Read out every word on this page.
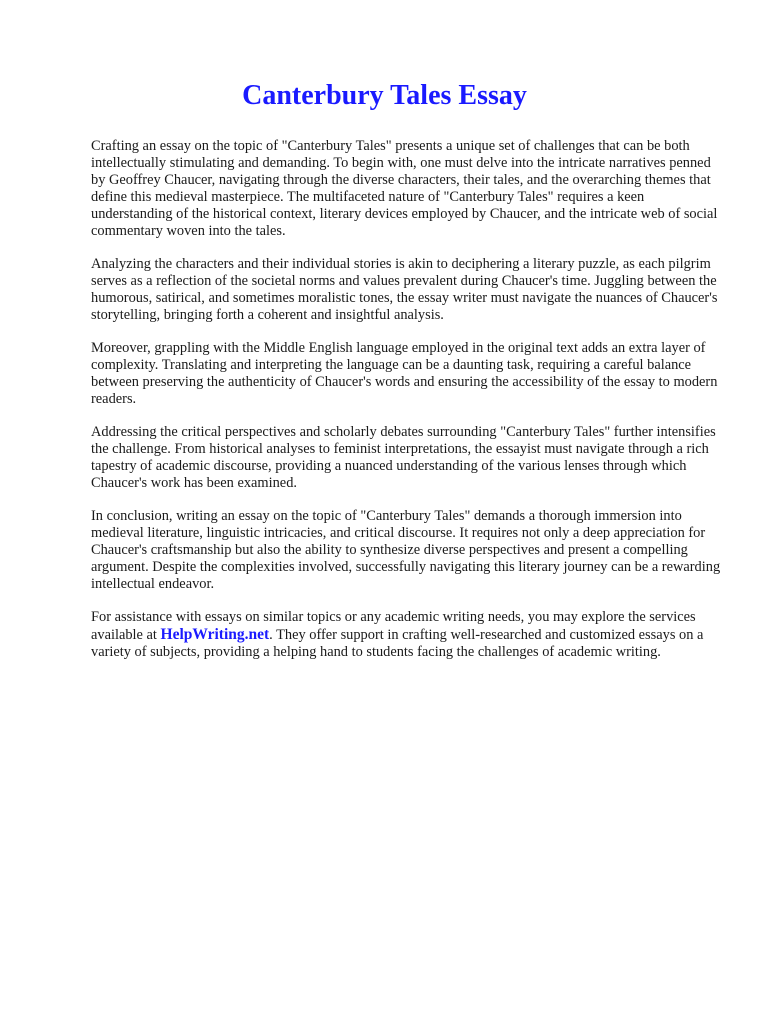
Canterbury Tales Essay

Crafting an essay on the topic of "Canterbury Tales" presents a unique set of challenges that can be both intellectually stimulating and demanding. To begin with, one must delve into the intricate narratives penned by Geoffrey Chaucer, navigating through the diverse characters, their tales, and the overarching themes that define this medieval masterpiece. The multifaceted nature of "Canterbury Tales" requires a keen understanding of the historical context, literary devices employed by Chaucer, and the intricate web of social commentary woven into the tales.

Analyzing the characters and their individual stories is akin to deciphering a literary puzzle, as each pilgrim serves as a reflection of the societal norms and values prevalent during Chaucer's time. Juggling between the humorous, satirical, and sometimes moralistic tones, the essay writer must navigate the nuances of Chaucer's storytelling, bringing forth a coherent and insightful analysis.

Moreover, grappling with the Middle English language employed in the original text adds an extra layer of complexity. Translating and interpreting the language can be a daunting task, requiring a careful balance between preserving the authenticity of Chaucer's words and ensuring the accessibility of the essay to modern readers.

Addressing the critical perspectives and scholarly debates surrounding "Canterbury Tales" further intensifies the challenge. From historical analyses to feminist interpretations, the essayist must navigate through a rich tapestry of academic discourse, providing a nuanced understanding of the various lenses through which Chaucer's work has been examined.

In conclusion, writing an essay on the topic of "Canterbury Tales" demands a thorough immersion into medieval literature, linguistic intricacies, and critical discourse. It requires not only a deep appreciation for Chaucer's craftsmanship but also the ability to synthesize diverse perspectives and present a compelling argument. Despite the complexities involved, successfully navigating this literary journey can be a rewarding intellectual endeavor.

For assistance with essays on similar topics or any academic writing needs, you may explore the services available at HelpWriting.net. They offer support in crafting well-researched and customized essays on a variety of subjects, providing a helping hand to students facing the challenges of academic writing.
